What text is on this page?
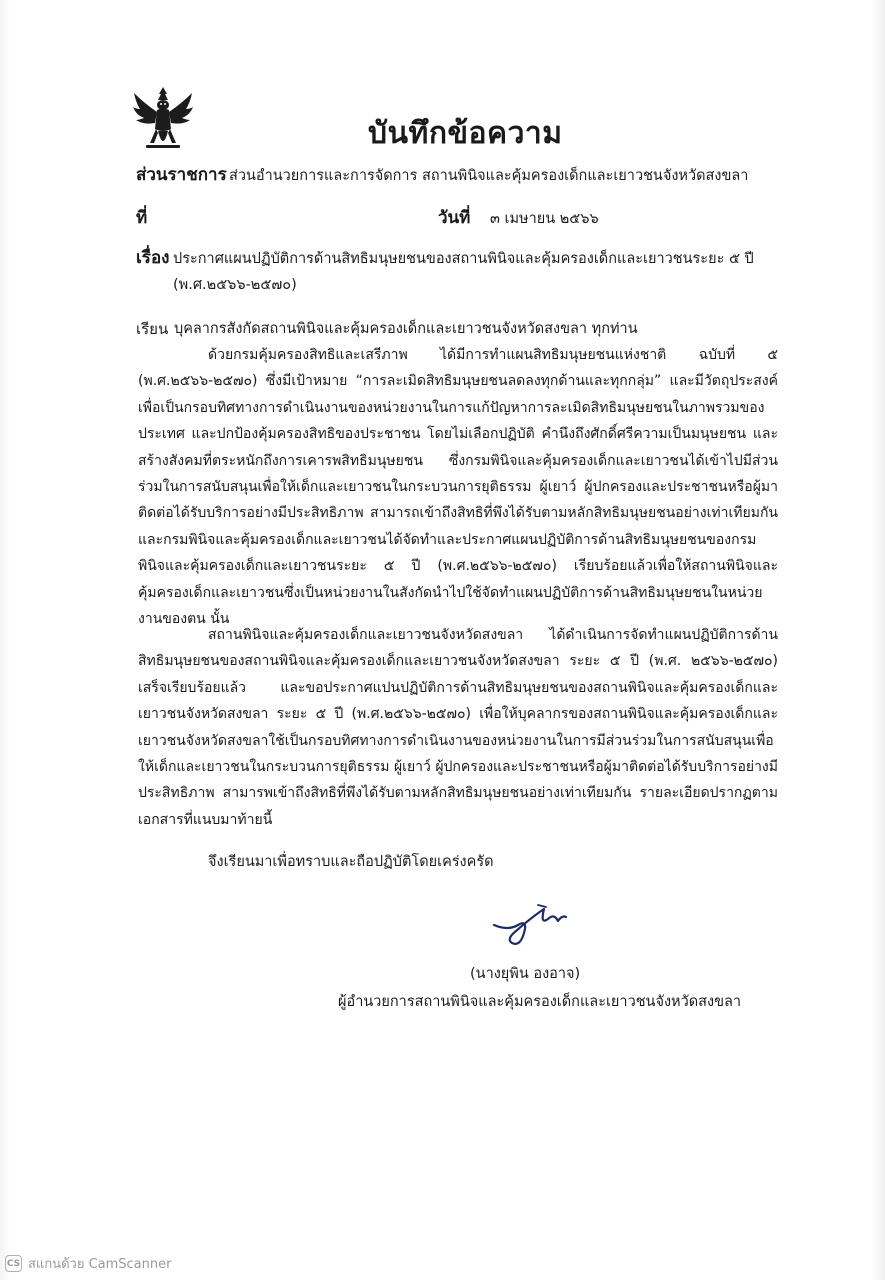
บันทึกข้อความ
ส่วนราชการ ส่วนอำนวยการและการจัดการ สถานพินิจและคุ้มครองเด็กและเยาวชนจังหวัดสงขลา
ที่	วันที่ ๓ เมษายน ๒๕๖๖
เรื่อง ประกาศแผนปฏิบัติการด้านสิทธิมนุษยชนของสถานพินิจและคุ้มครองเด็กและเยาวชนระยะ ๕ ปี
(พ.ศ.๒๕๖๖-๒๕๗๐)
เรียน บุคลากรสังกัดสถานพินิจและคุ้มครองเด็กและเยาวชนจังหวัดสงขลา ทุกท่าน

ด้วยกรมคุ้มครองสิทธิและเสรีภาพ ได้มีการทำแผนสิทธิมนุษยชนแห่งชาติ ฉบับที่ ๕ (พ.ศ.๒๕๖๖-๒๕๗๐) ซึ่งมีเป้าหมาย “การละเมิดสิทธิมนุษยชนลดลงทุกด้านและทุกกลุ่ม” และมีวัตถุประสงค์เพื่อเป็นกรอบทิศทางการดำเนินงานของหน่วยงานในการแก้ปัญหาการละเมิดสิทธิมนุษยชนในภาพรวมของประเทศ และปกป้องคุ้มครองสิทธิของประชาชน โดยไม่เลือกปฏิบัติ คำนึงถึงศักดิ์ศรีความเป็นมนุษยชน และสร้างสังคมที่ตระหนักถึงการเคารพสิทธิมนุษยชน ซึ่งกรมพินิจและคุ้มครองเด็กและเยาวชนได้เข้าไปมีส่วนร่วมในการสนับสนุนเพื่อให้เด็กและเยาวชนในกระบวนการยุติธรรม ผู้เยาว์ ผู้ปกครองและประชาชนหรือผู้มาติดต่อได้รับบริการอย่างมีประสิทธิภาพ สามารถเข้าถึงสิทธิที่พึงได้รับตามหลักสิทธิมนุษยชนอย่างเท่าเทียมกัน และกรมพินิจและคุ้มครองเด็กและเยาวชนได้จัดทำและประกาศแผนปฏิบัติการด้านสิทธิมนุษยชนของกรมพินิจและคุ้มครองเด็กและเยาวชนระยะ ๕ ปี (พ.ศ.๒๕๖๖-๒๕๗๐) เรียบร้อยแล้วเพื่อให้สถานพินิจและคุ้มครองเด็กและเยาวชนซึ่งเป็นหน่วยงานในสังกัดนำไปใช้จัดทำแผนปฏิบัติการด้านสิทธิมนุษยชนในหน่วยงานของตน นั้น

สถานพินิจและคุ้มครองเด็กและเยาวชนจังหวัดสงขลา ได้ดำเนินการจัดทำแผนปฏิบัติการด้านสิทธิมนุษยชนของสถานพินิจและคุ้มครองเด็กและเยาวชนจังหวัดสงขลา ระยะ ๕ ปี (พ.ศ. ๒๕๖๖-๒๕๗๐) เสร็จเรียบร้อยแล้ว และขอประกาศแปนปฏิบัติการด้านสิทธิมนุษยชนของสถานพินิจและคุ้มครองเด็กและเยาวชนจังหวัดสงขลา ระยะ ๕ ปี (พ.ศ.๒๕๖๖-๒๕๗๐) เพื่อให้บุคลากรของสถานพินิจและคุ้มครองเด็กและเยาวชนจังหวัดสงขลาใช้เป็นกรอบทิศทางการดำเนินงานของหน่วยงานในการมีส่วนร่วมในการสนับสนุนเพื่อให้เด็กและเยาวชนในกระบวนการยุติธรรม ผู้เยาว์ ผู้ปกครองและประชาชนหรือผู้มาติดต่อได้รับบริการอย่างมีประสิทธิภาพ สามารพเข้าถึงสิทธิที่พึงได้รับตามหลักสิทธิมนุษยชนอย่างเท่าเทียมกัน รายละเอียดปรากฏตามเอกสารที่แนบมาท้ายนี้

จึงเรียนมาเพื่อทราบและถือปฏิบัติโดยเคร่งครัด
(นางยุพิน องอาจ)
ผู้อำนวยการสถานพินิจและคุ้มครองเด็กและเยาวชนจังหวัดสงขลา
CS สแกนด้วย CamScanner
